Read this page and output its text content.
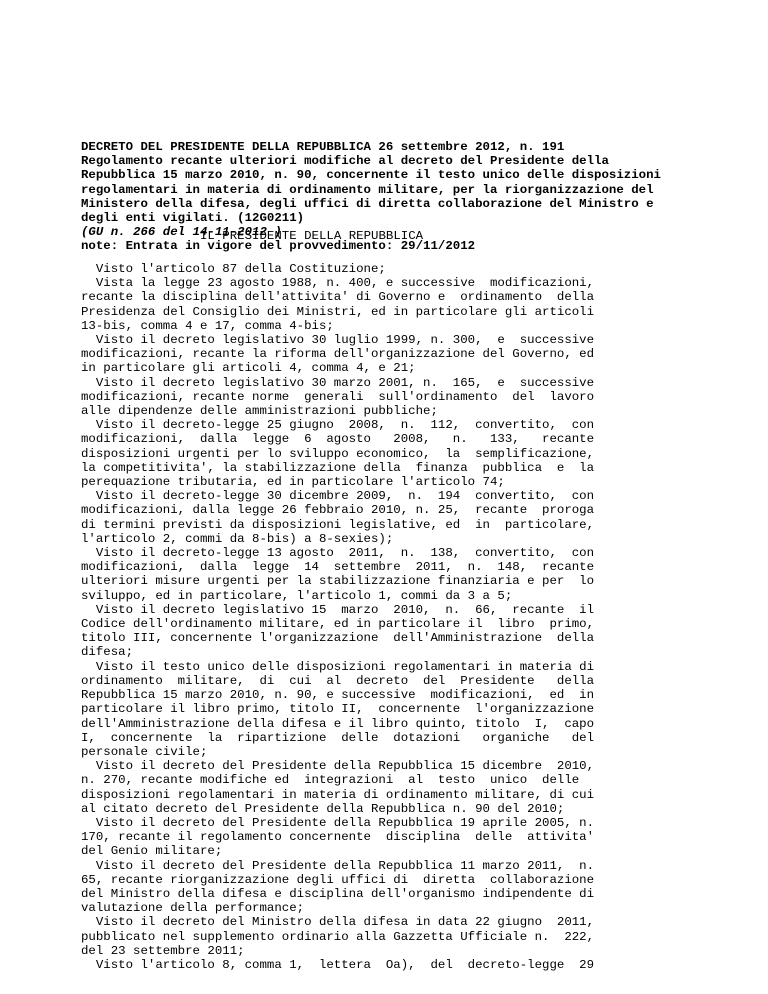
DECRETO DEL PRESIDENTE DELLA REPUBBLICA 26 settembre 2012, n. 191
Regolamento recante ulteriori modifiche al decreto del Presidente della
Repubblica 15 marzo 2010, n. 90, concernente il testo unico delle disposizioni
regolamentari in materia di ordinamento militare, per la riorganizzazione del
Ministero della difesa, degli uffici di diretta collaborazione del Ministro e
degli enti vigilati. (12G0211)
(GU n. 266 del 14-11-2012 )
note: Entrata in vigore del provvedimento: 29/11/2012
IL PRESIDENTE DELLA REPUBBLICA
Visto l'articolo 87 della Costituzione;
Vista la legge 23 agosto 1988, n. 400, e successive  modificazioni,
recante la disciplina dell'attivita' di Governo e  ordinamento  della
Presidenza del Consiglio dei Ministri, ed in particolare gli articoli
13-bis, comma 4 e 17, comma 4-bis;
Visto il decreto legislativo 30 luglio 1999, n. 300,  e  successive
modificazioni, recante la riforma dell'organizzazione del Governo, ed
in particolare gli articoli 4, comma 4, e 21;
Visto il decreto legislativo 30 marzo 2001, n.  165,  e  successive
modificazioni, recante norme  generali  sull'ordinamento  del  lavoro
alle dipendenze delle amministrazioni pubbliche;
Visto il decreto-legge 25 giugno  2008,  n.  112,  convertito,  con
modificazioni,  dalla  legge  6  agosto   2008,   n.   133,   recante
disposizioni urgenti per lo sviluppo economico,  la  semplificazione,
la competitivita', la stabilizzazione della  finanza  pubblica  e  la
perequazione tributaria, ed in particolare l'articolo 74;
Visto il decreto-legge 30 dicembre 2009,  n.  194  convertito,  con
modificazioni, dalla legge 26 febbraio 2010, n. 25,  recante  proroga
di termini previsti da disposizioni legislative, ed  in  particolare,
l'articolo 2, commi da 8-bis) a 8-sexies);
Visto il decreto-legge 13 agosto  2011,  n.  138,  convertito,  con
modificazioni,  dalla  legge  14  settembre  2011,  n.  148,  recante
ulteriori misure urgenti per la stabilizzazione finanziaria e per  lo
sviluppo, ed in particolare, l'articolo 1, commi da 3 a 5;
Visto il decreto legislativo 15  marzo  2010,  n.  66,  recante  il
Codice dell'ordinamento militare, ed in particolare il  libro  primo,
titolo III, concernente l'organizzazione  dell'Amministrazione  della
difesa;
Visto il testo unico delle disposizioni regolamentari in materia di
ordinamento  militare,  di  cui  al  decreto  del  Presidente   della
Repubblica 15 marzo 2010, n. 90, e successive  modificazioni,  ed  in
particolare il libro primo, titolo II,  concernente  l'organizzazione
dell'Amministrazione della difesa e il libro quinto, titolo  I,  capo
I,  concernente  la  ripartizione  delle  dotazioni   organiche   del
personale civile;
Visto il decreto del Presidente della Repubblica 15 dicembre  2010,
n. 270, recante modifiche ed  integrazioni  al  testo  unico  delle
disposizioni regolamentari in materia di ordinamento militare, di cui
al citato decreto del Presidente della Repubblica n. 90 del 2010;
Visto il decreto del Presidente della Repubblica 19 aprile 2005, n.
170, recante il regolamento concernente  disciplina  delle  attivita'
del Genio militare;
Visto il decreto del Presidente della Repubblica 11 marzo 2011,  n.
65, recante riorganizzazione degli uffici di  diretta  collaborazione
del Ministro della difesa e disciplina dell'organismo indipendente di
valutazione della performance;
Visto il decreto del Ministro della difesa in data 22 giugno  2011,
pubblicato nel supplemento ordinario alla Gazzetta Ufficiale n.  222,
del 23 settembre 2011;
Visto l'articolo 8, comma 1,  lettera  Oa),  del  decreto-legge  29
